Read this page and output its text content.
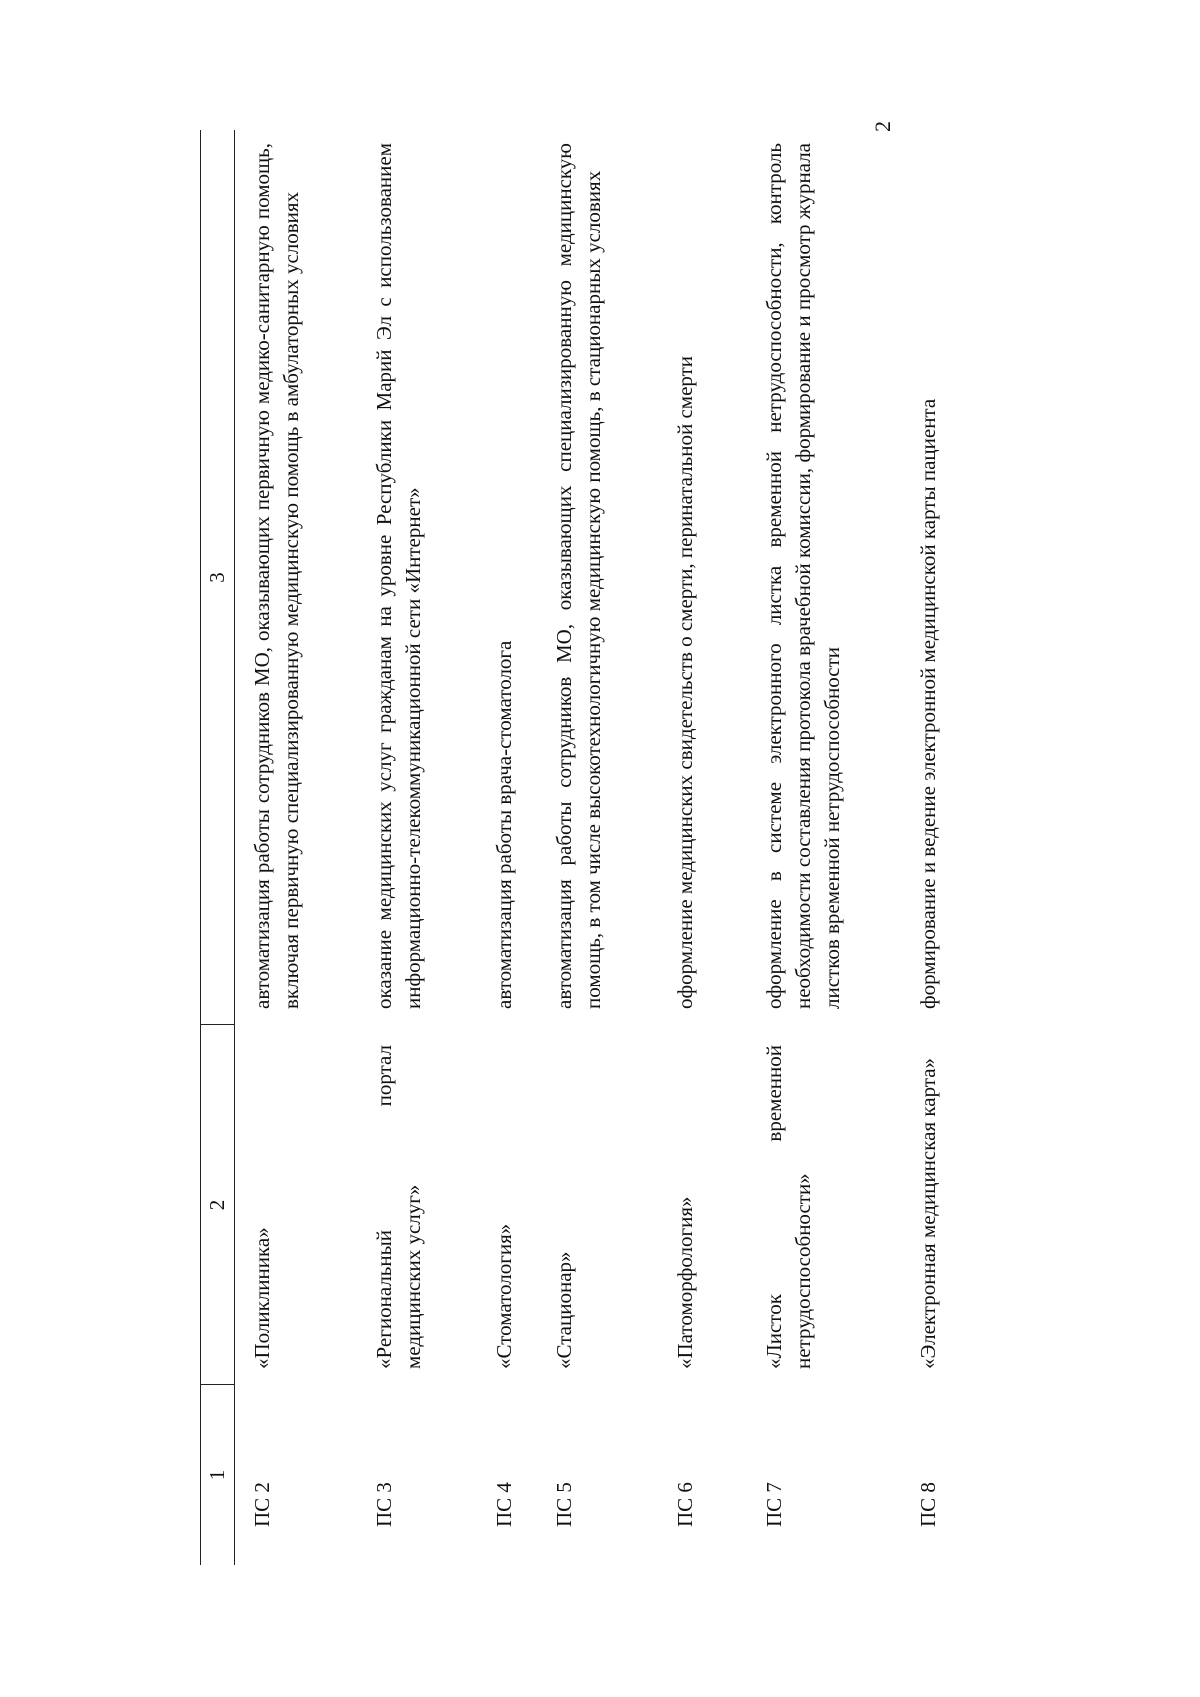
2
1
2
3
ПС 2
«Поликлиника»
автоматизация работы сотрудников МО, оказывающих первичную медико-санитарную помощь, включая первичную специализированную медицинскую помощь в амбулаторных условиях
ПС 3
«Региональный портал медицинских услуг»
оказание медицинских услуг гражданам на уровне Республики Марий Эл с использованием информационно-телекоммуникационной сети «Интернет»
ПС 4
«Стоматология»
автоматизация работы врача-стоматолога
ПС 5
«Стационар»
автоматизация работы сотрудников МО, оказывающих специализированную медицинскую помощь, в том числе высокотехнологичную медицинскую помощь, в стационарных условиях
ПС 6
«Патоморфология»
оформление медицинских свидетельств о смерти, перинатальной смерти
ПС 7
«Листок временной нетрудоспособности»
оформление в системе электронного листка временной нетрудоспособности, контроль необходимости составления протокола врачебной комиссии, формирование и просмотр журнала листков временной нетрудоспособности
ПС 8
«Электронная медицинская карта»
формирование и ведение электронной медицинской карты пациента
